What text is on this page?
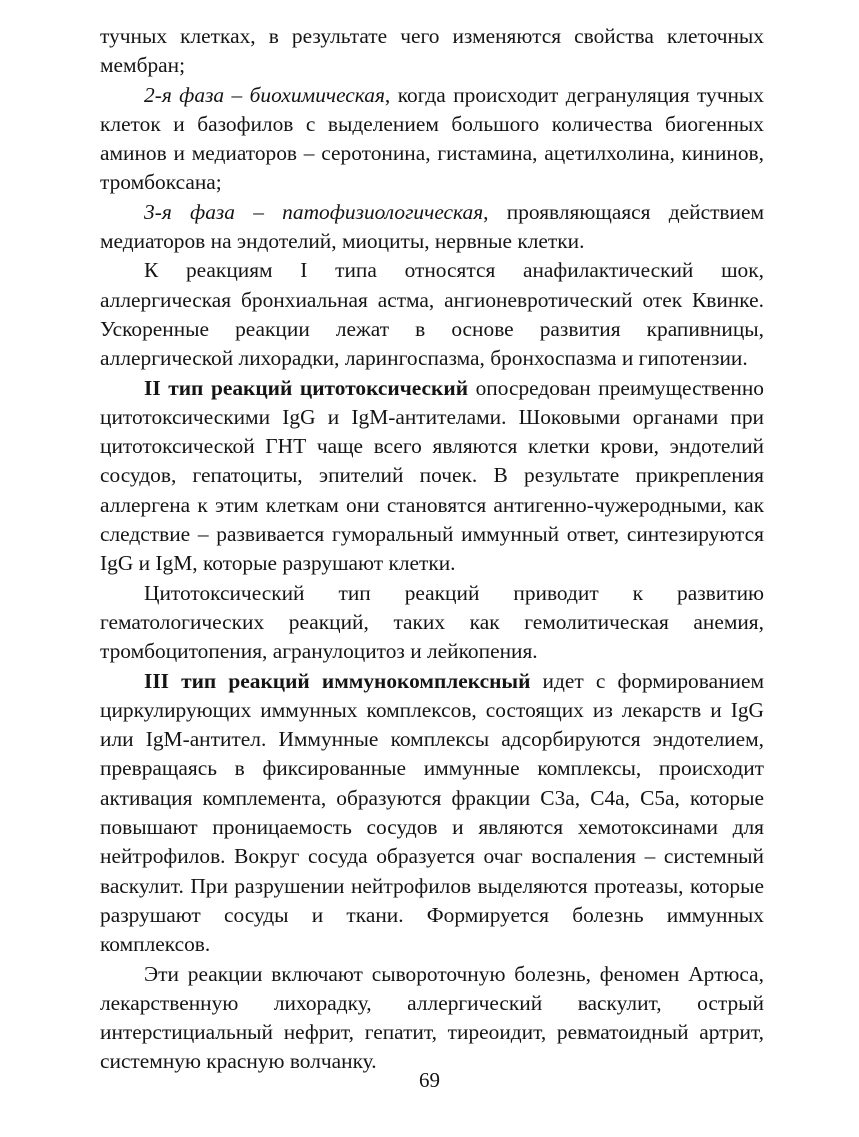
тучных клетках, в результате чего изменяются свойства клеточных мембран;

2-я фаза – биохимическая, когда происходит дегрануляция тучных клеток и базофилов с выделением большого количества биогенных аминов и медиаторов – серотонина, гистамина, ацетилхолина, кининов, тромбоксана;

3-я фаза – патофизиологическая, проявляющаяся действием медиаторов на эндотелий, миоциты, нервные клетки.

К реакциям I типа относятся анафилактический шок, аллергическая бронхиальная астма, ангионевротический отек Квинке. Ускоренные реакции лежат в основе развития крапивницы, аллергической лихорадки, ларингоспазма, бронхоспазма и гипотензии.

II тип реакций цитотоксический опосредован преимущественно цитотоксическими IgG и IgM-антителами. Шоковыми органами при цитотоксической ГНТ чаще всего являются клетки крови, эндотелий сосудов, гепатоциты, эпителий почек. В результате прикрепления аллергена к этим клеткам они становятся антигенно-чужеродными, как следствие – развивается гуморальный иммунный ответ, синтезируются IgG и IgM, которые разрушают клетки.

Цитотоксический тип реакций приводит к развитию гематологических реакций, таких как гемолитическая анемия, тромбоцитопения, агранулоцитоз и лейкопения.

III тип реакций иммунокомплексный идет с формированием циркулирующих иммунных комплексов, состоящих из лекарств и IgG или IgM-антител. Иммунные комплексы адсорбируются эндотелием, превращаясь в фиксированные иммунные комплексы, происходит активация комплемента, образуются фракции C3a, C4a, C5a, которые повышают проницаемость сосудов и являются хемотоксинами для нейтрофилов. Вокруг сосуда образуется очаг воспаления – системный васкулит. При разрушении нейтрофилов выделяются протеазы, которые разрушают сосуды и ткани. Формируется болезнь иммунных комплексов.

Эти реакции включают сывороточную болезнь, феномен Артюса, лекарственную лихорадку, аллергический васкулит, острый интерстициальный нефрит, гепатит, тиреоидит, ревматоидный артрит, системную красную волчанку.

69
